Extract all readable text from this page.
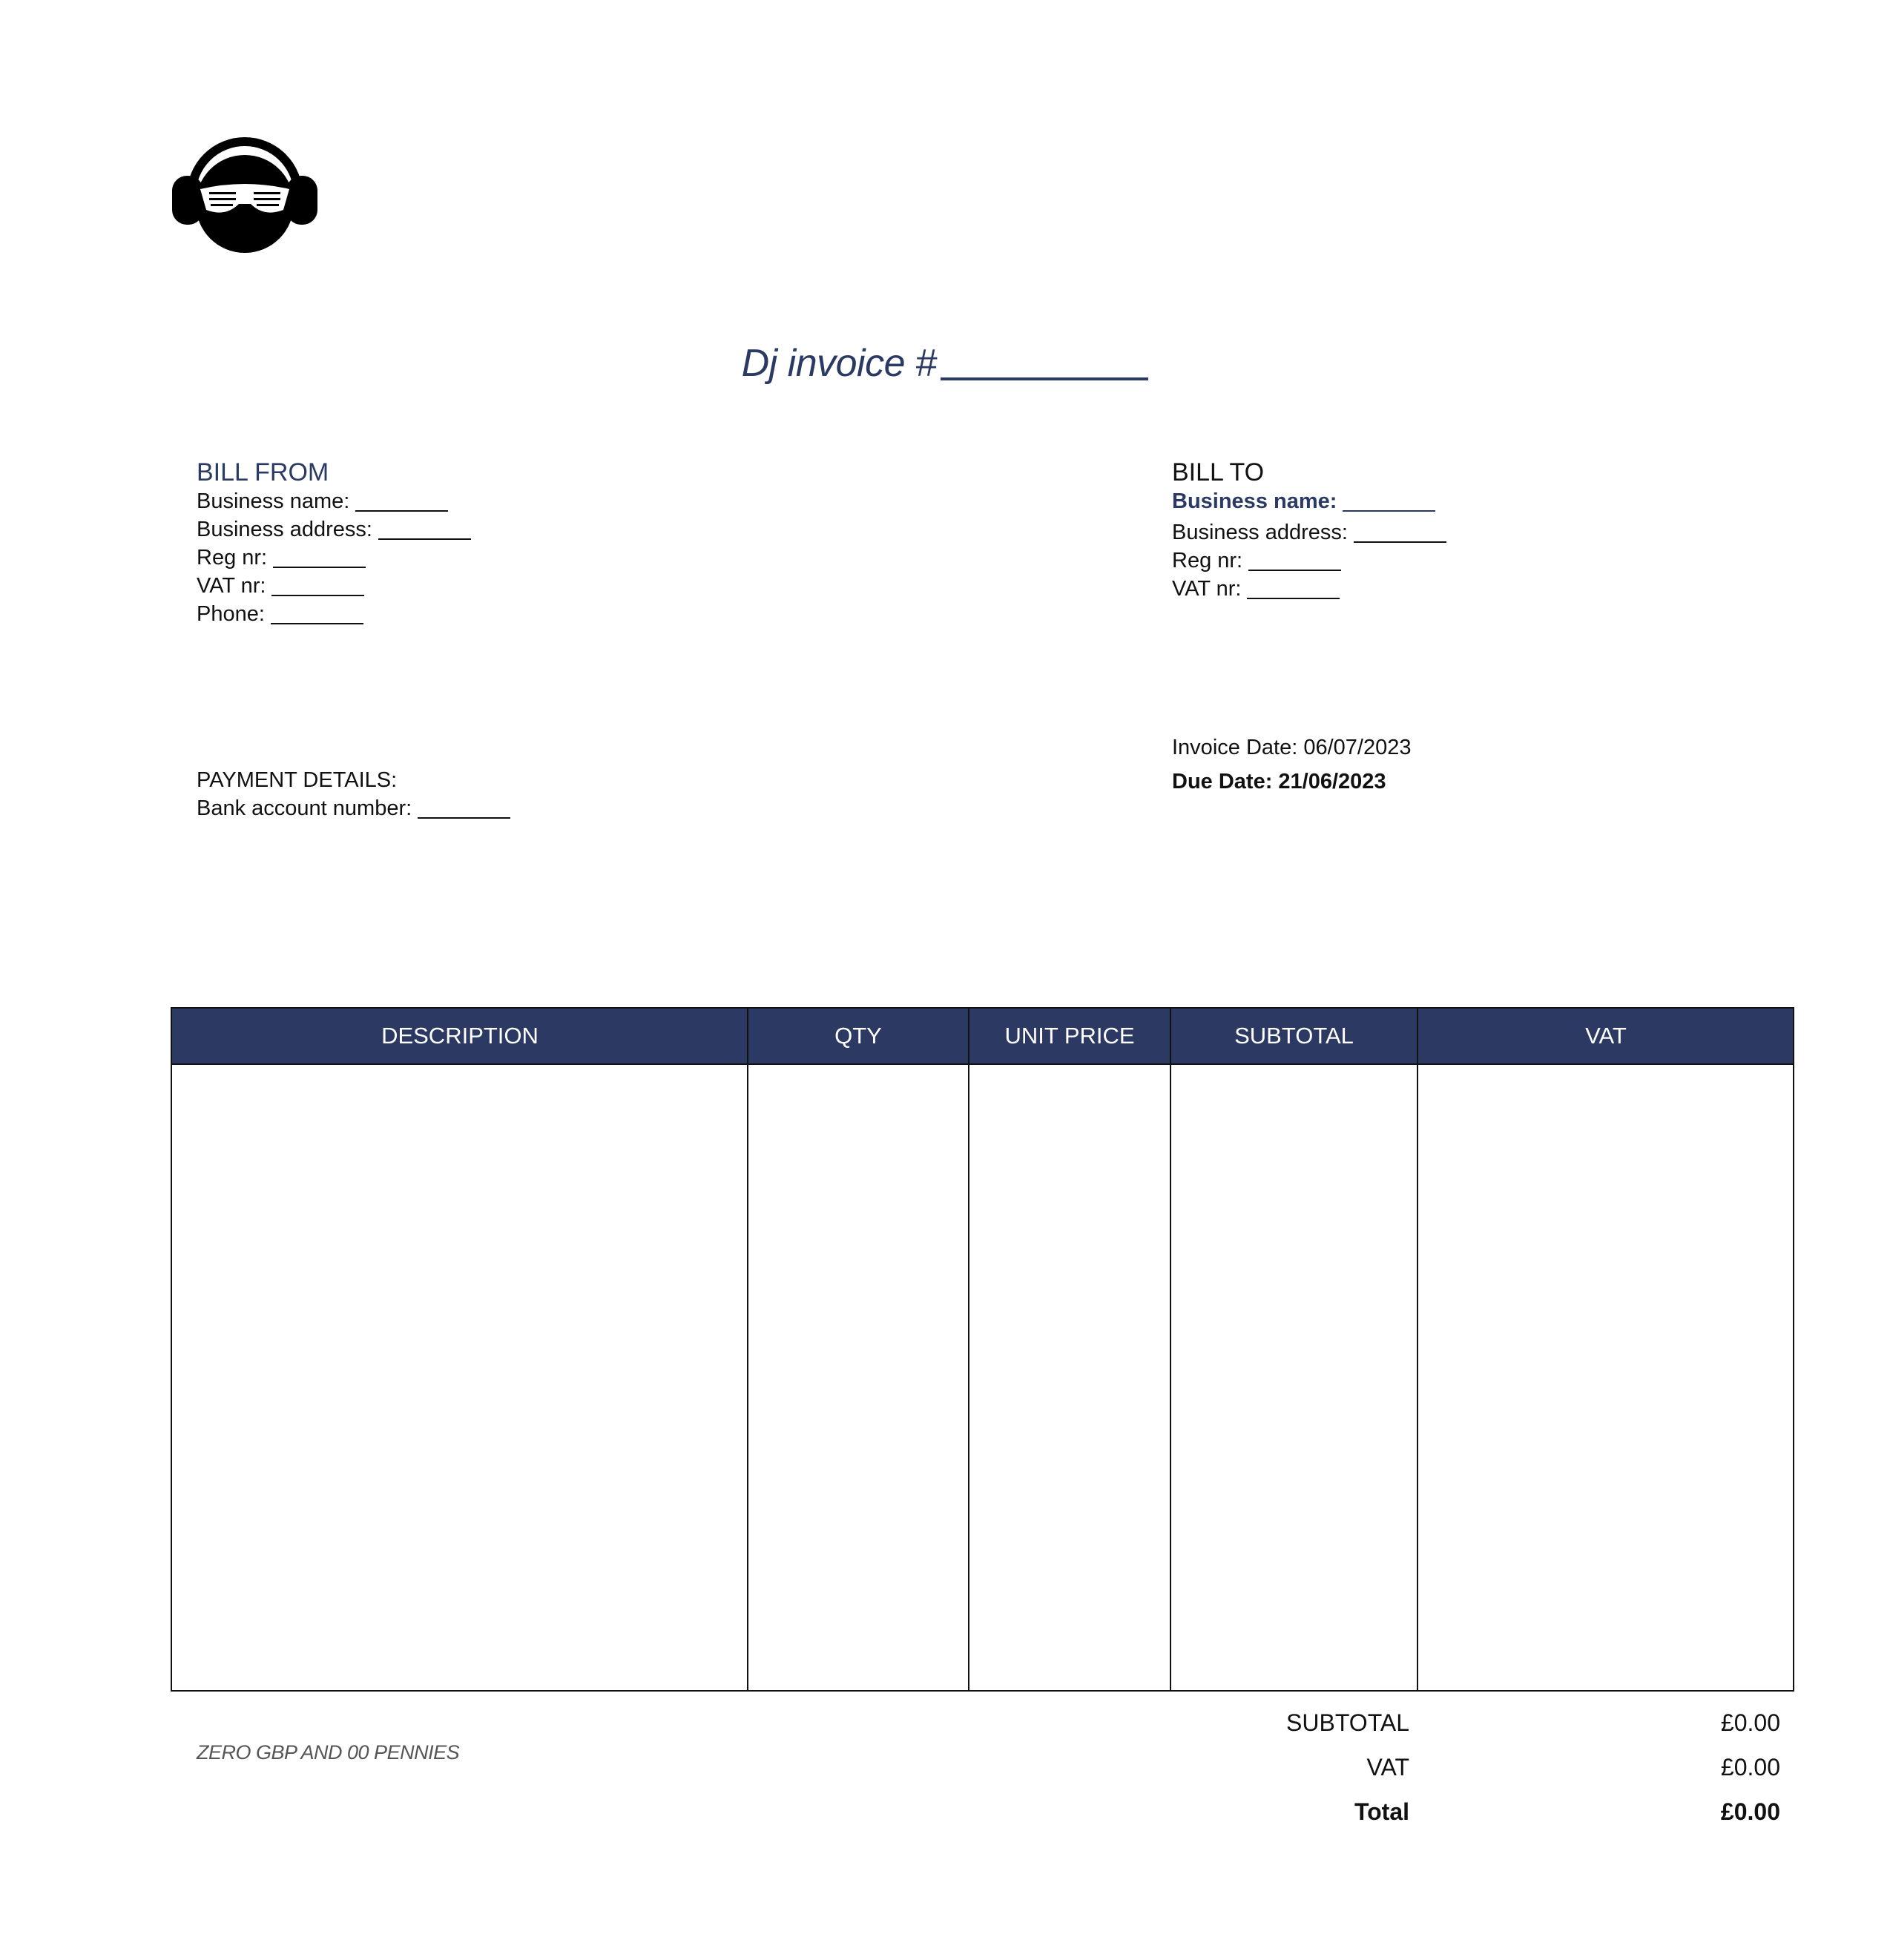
Dj invoice #
BILL FROM
Business name:
Business address:
Reg nr:
VAT nr:
Phone:
BILL TO
Business name:
Business address:
Reg nr:
VAT nr:
PAYMENT DETAILS:
Bank account number:
Invoice Date: 06/07/2023
Due Date: 21/06/2023
DESCRIPTION	QTY	UNIT PRICE	SUBTOTAL	VAT
ZERO GBP AND 00 PENNIES
SUBTOTAL	£0.00
VAT	£0.00
Total	£0.00
